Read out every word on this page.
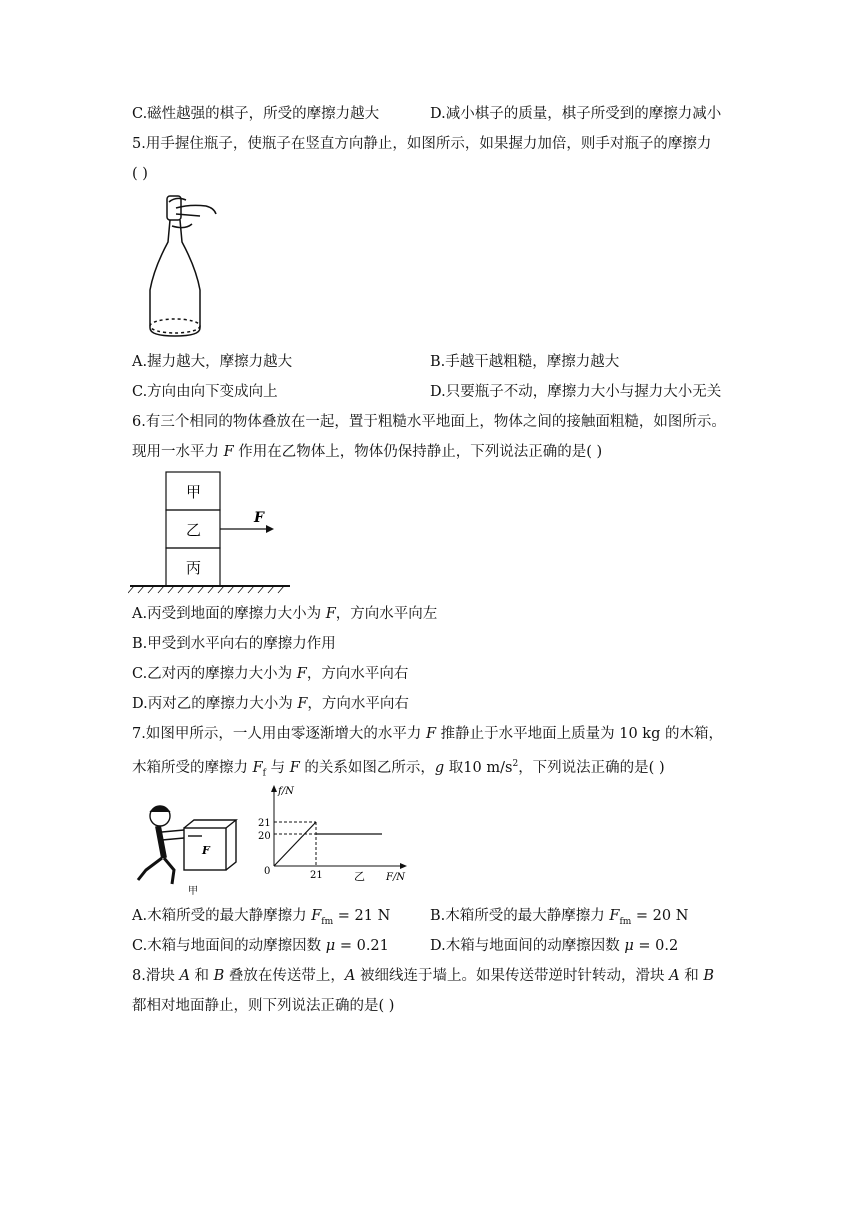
C.磁性越强的棋子，所受的摩擦力越大	D.减小棋子的质量，棋子所受到的摩擦力减小
5.用手握住瓶子，使瓶子在竖直方向静止，如图所示，如果握力加倍，则手对瓶子的摩擦力
( )
A.握力越大，摩擦力越大	B.手越干越粗糙，摩擦力越大
C.方向由向下变成向上	D.只要瓶子不动，摩擦力大小与握力大小无关
6.有三个相同的物体叠放在一起，置于粗糙水平地面上，物体之间的接触面粗糙，如图所示。
现用一水平力 F 作用在乙物体上，物体仍保持静止，下列说法正确的是( )
甲
乙
丙
F
A.丙受到地面的摩擦力大小为 F，方向水平向左
B.甲受到水平向右的摩擦力作用
C.乙对丙的摩擦力大小为 F，方向水平向右
D.丙对乙的摩擦力大小为 F，方向水平向右
7.如图甲所示，一人用由零逐渐增大的水平力 F 推静止于水平地面上质量为 10 kg 的木箱，
木箱所受的摩擦力 $F_f$ 与 F 的关系如图乙所示，g 取10 $m/s^2$，下列说法正确的是( )
F
甲
f/N
21
20
0	21	乙 F/N
A.木箱所受的最大静摩擦力 $F_{fm} = 21$ N	B.木箱所受的最大静摩擦力 $F_{fm} = 20$ N
C.木箱与地面间的动摩擦因数 μ = 0.21	D.木箱与地面间的动摩擦因数 μ = 0.2
8.滑块 A 和 B 叠放在传送带上，A 被细线连于墙上。如果传送带逆时针转动，滑块 A 和 B
都相对地面静止，则下列说法正确的是( )
